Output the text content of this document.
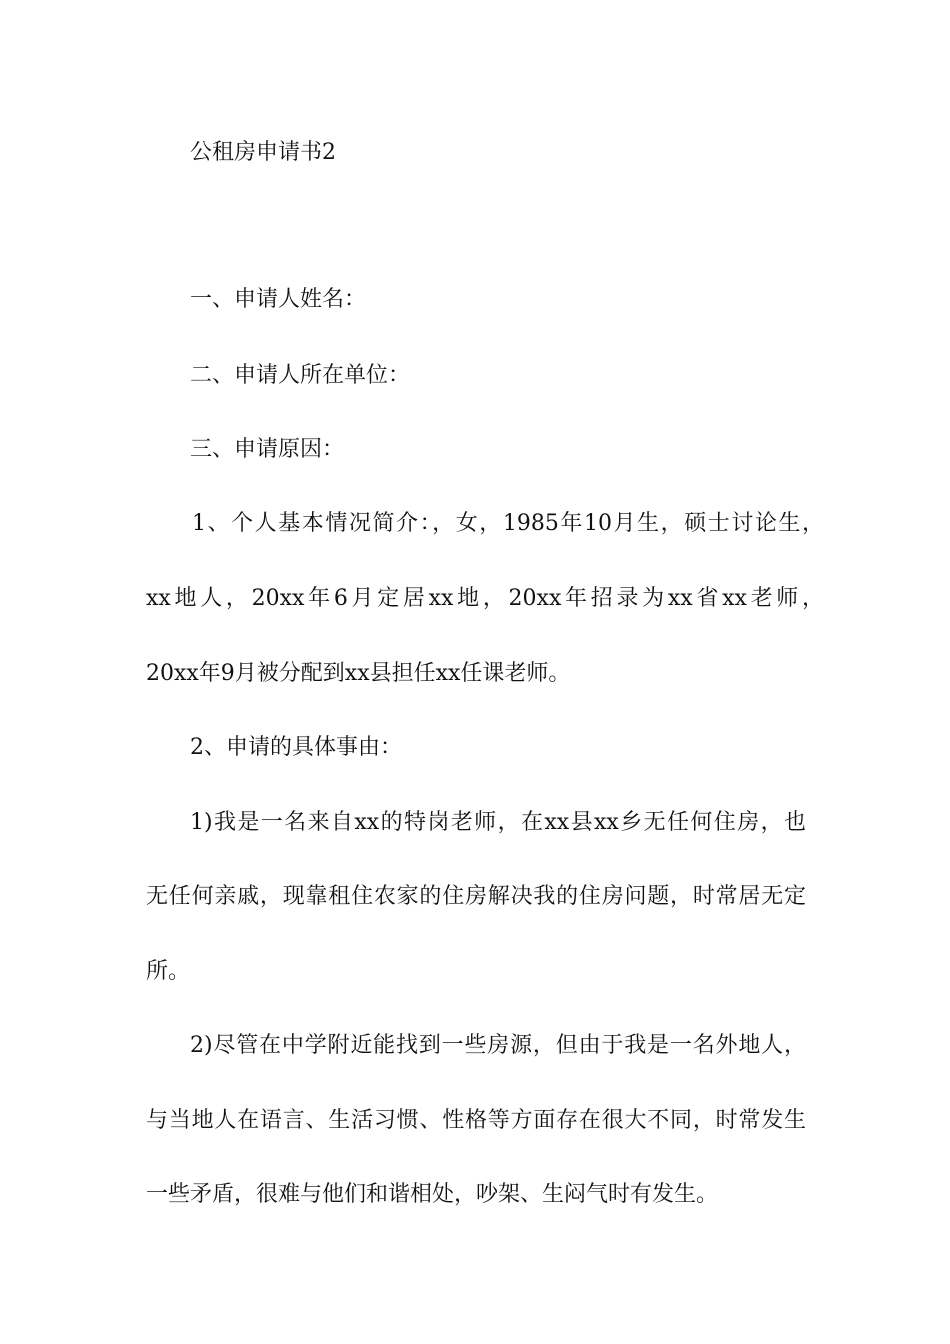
公租房申请书2
一、申请人姓名：
二、申请人所在单位：
三、申请原因：
1、个人基本情况简介：，女，1985年10月生，硕士讨论生，
xx地人，20xx年6月定居xx地，20xx年招录为xx省xx老师，
20xx年9月被分配到xx县担任xx任课老师。
2、申请的具体事由：
1)我是一名来自xx的特岗老师，在xx县xx乡无任何住房，也
无任何亲戚，现靠租住农家的住房解决我的住房问题，时常居无定
所。
2)尽管在中学附近能找到一些房源，但由于我是一名外地人，
与当地人在语言、生活习惯、性格等方面存在很大不同，时常发生
一些矛盾，很难与他们和谐相处，吵架、生闷气时有发生。
